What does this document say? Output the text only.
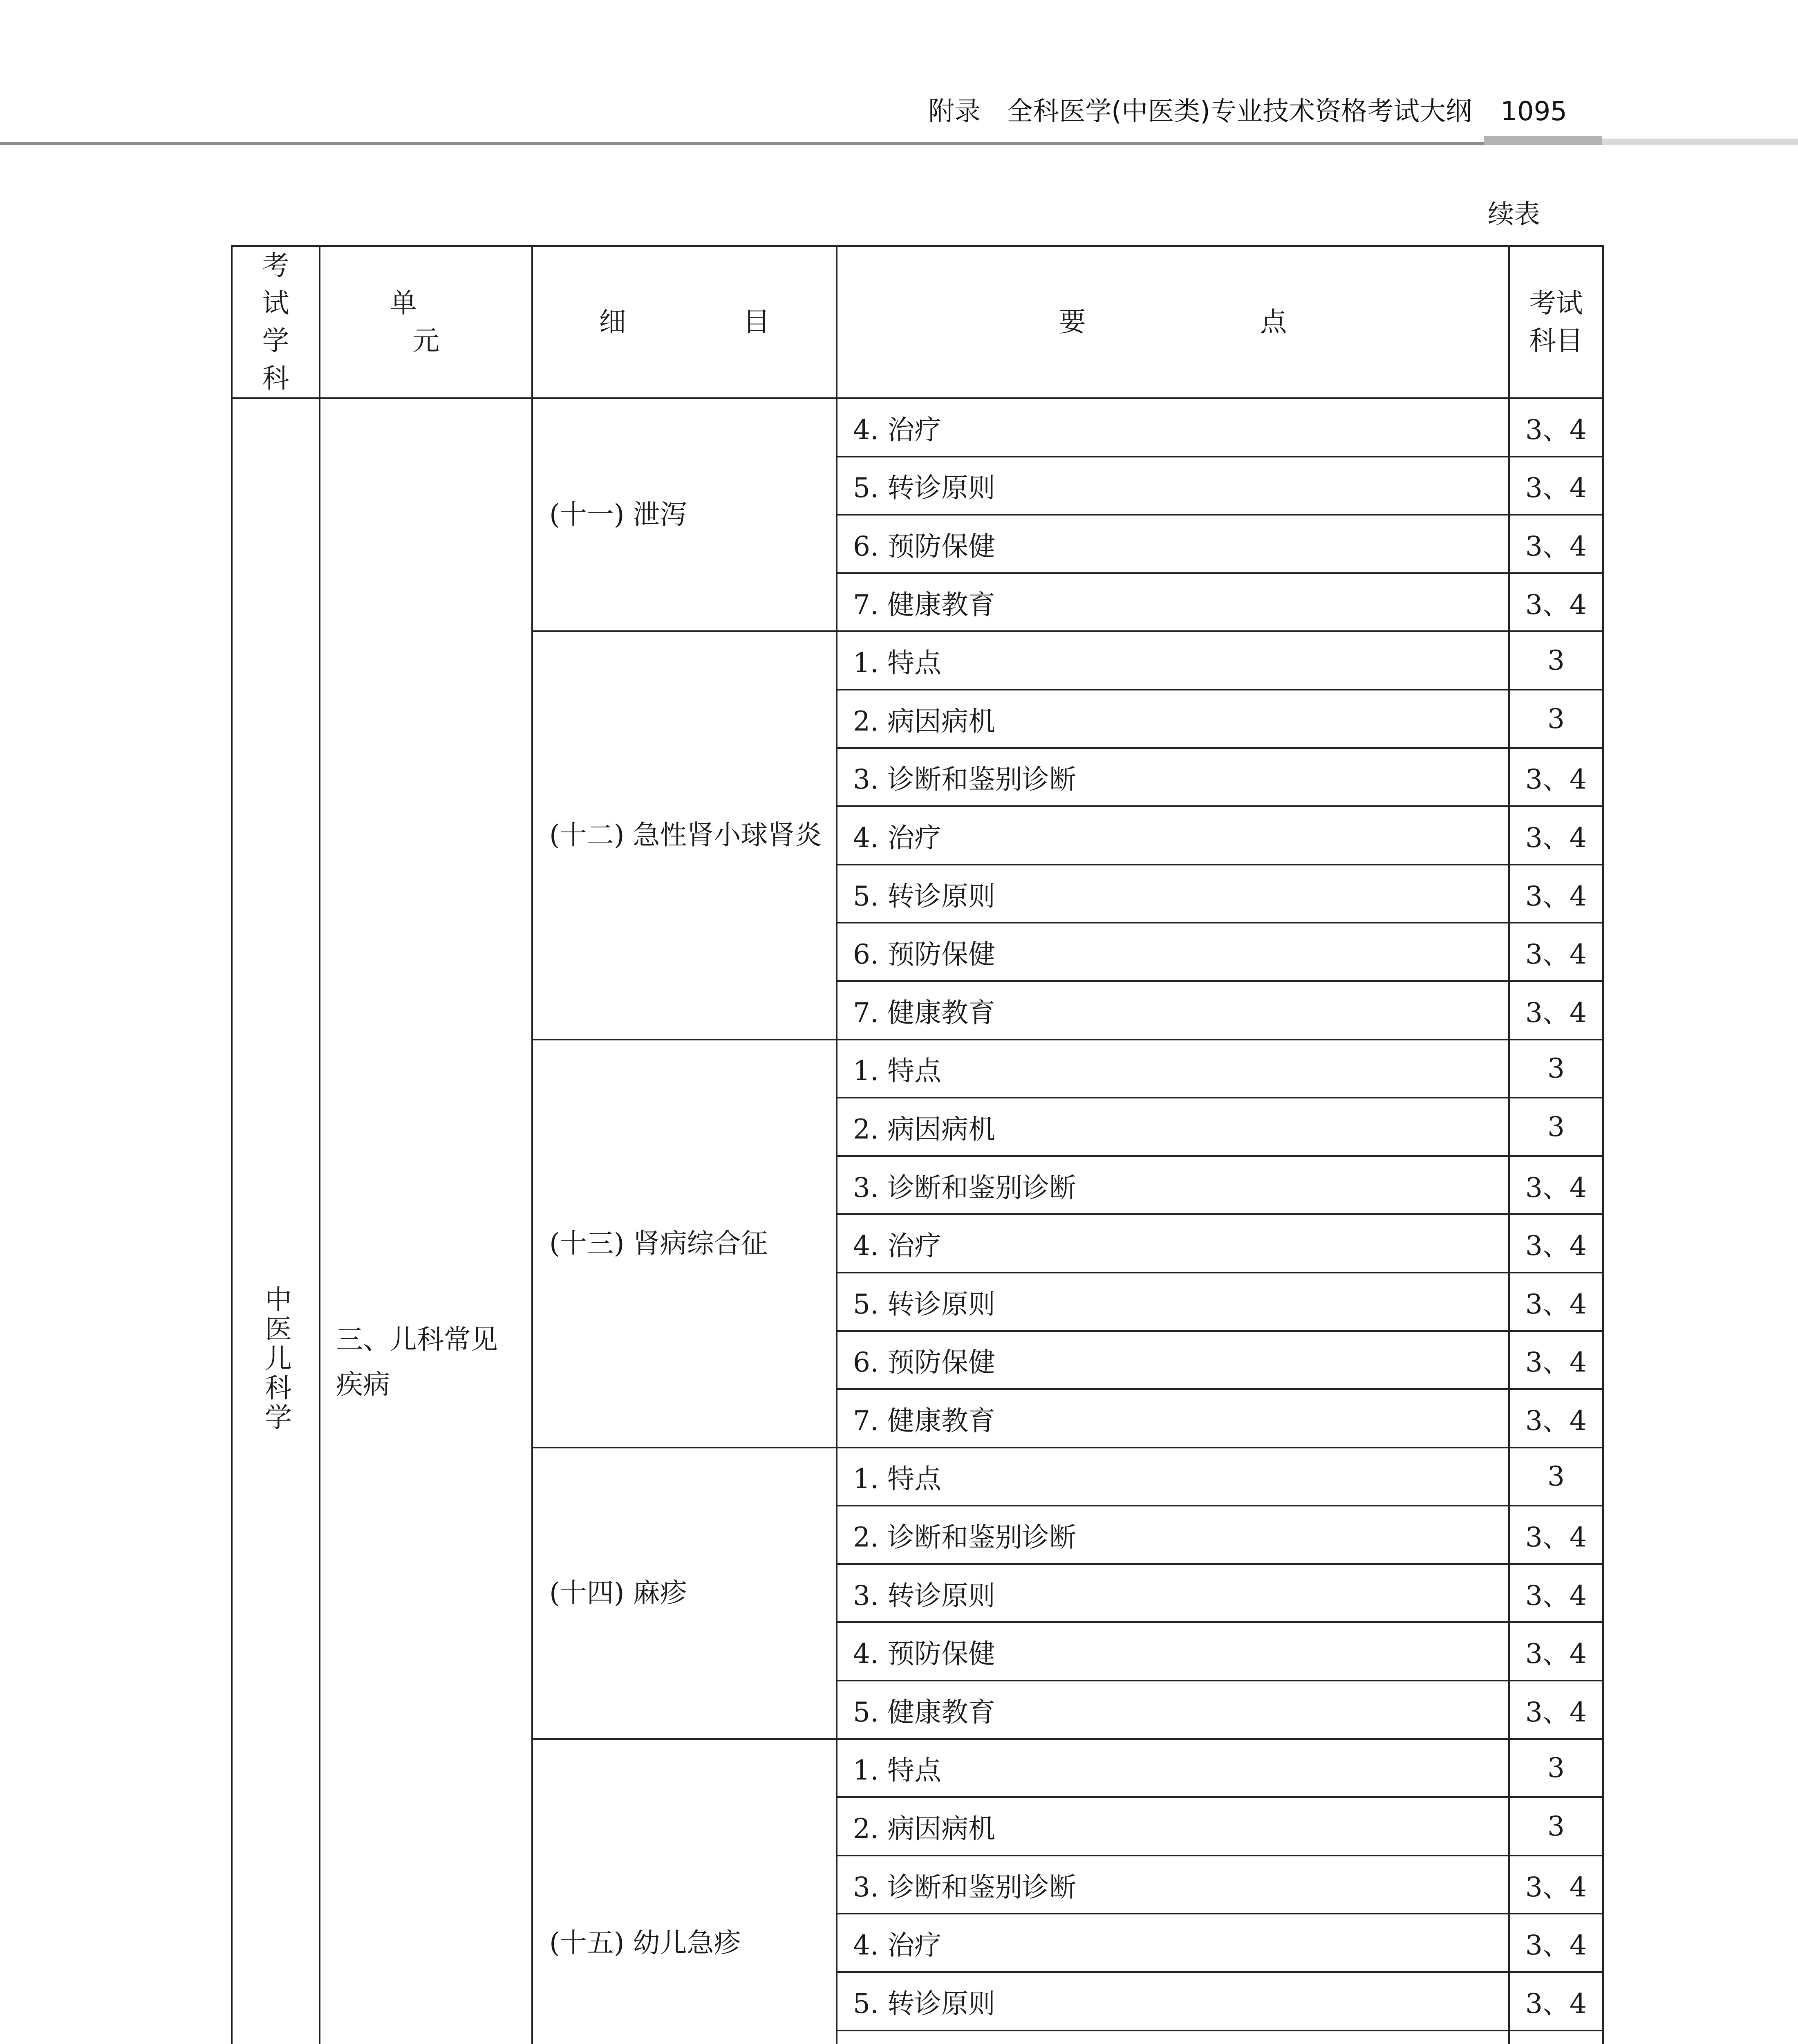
附录　全科医学(中医类)专业技术资格考试大纲 1095
续表
考试学科	单　元	细　目	要　点	考试科目
中医儿科学	三、儿科常见疾病	(十一) 泄泻	4. 治疗	3、4
			5. 转诊原则	3、4
			6. 预防保健	3、4
			7. 健康教育	3、4
		(十二) 急性肾小球肾炎	1. 特点	3
			2. 病因病机	3
			3. 诊断和鉴别诊断	3、4
			4. 治疗	3、4
			5. 转诊原则	3、4
			6. 预防保健	3、4
			7. 健康教育	3、4
		(十三) 肾病综合征	1. 特点	3
			2. 病因病机	3
			3. 诊断和鉴别诊断	3、4
			4. 治疗	3、4
			5. 转诊原则	3、4
			6. 预防保健	3、4
			7. 健康教育	3、4
		(十四) 麻疹	1. 特点	3
			2. 诊断和鉴别诊断	3、4
			3. 转诊原则	3、4
			4. 预防保健	3、4
			5. 健康教育	3、4
		(十五) 幼儿急疹	1. 特点	3
			2. 病因病机	3
			3. 诊断和鉴别诊断	3、4
			4. 治疗	3、4
			5. 转诊原则	3、4
